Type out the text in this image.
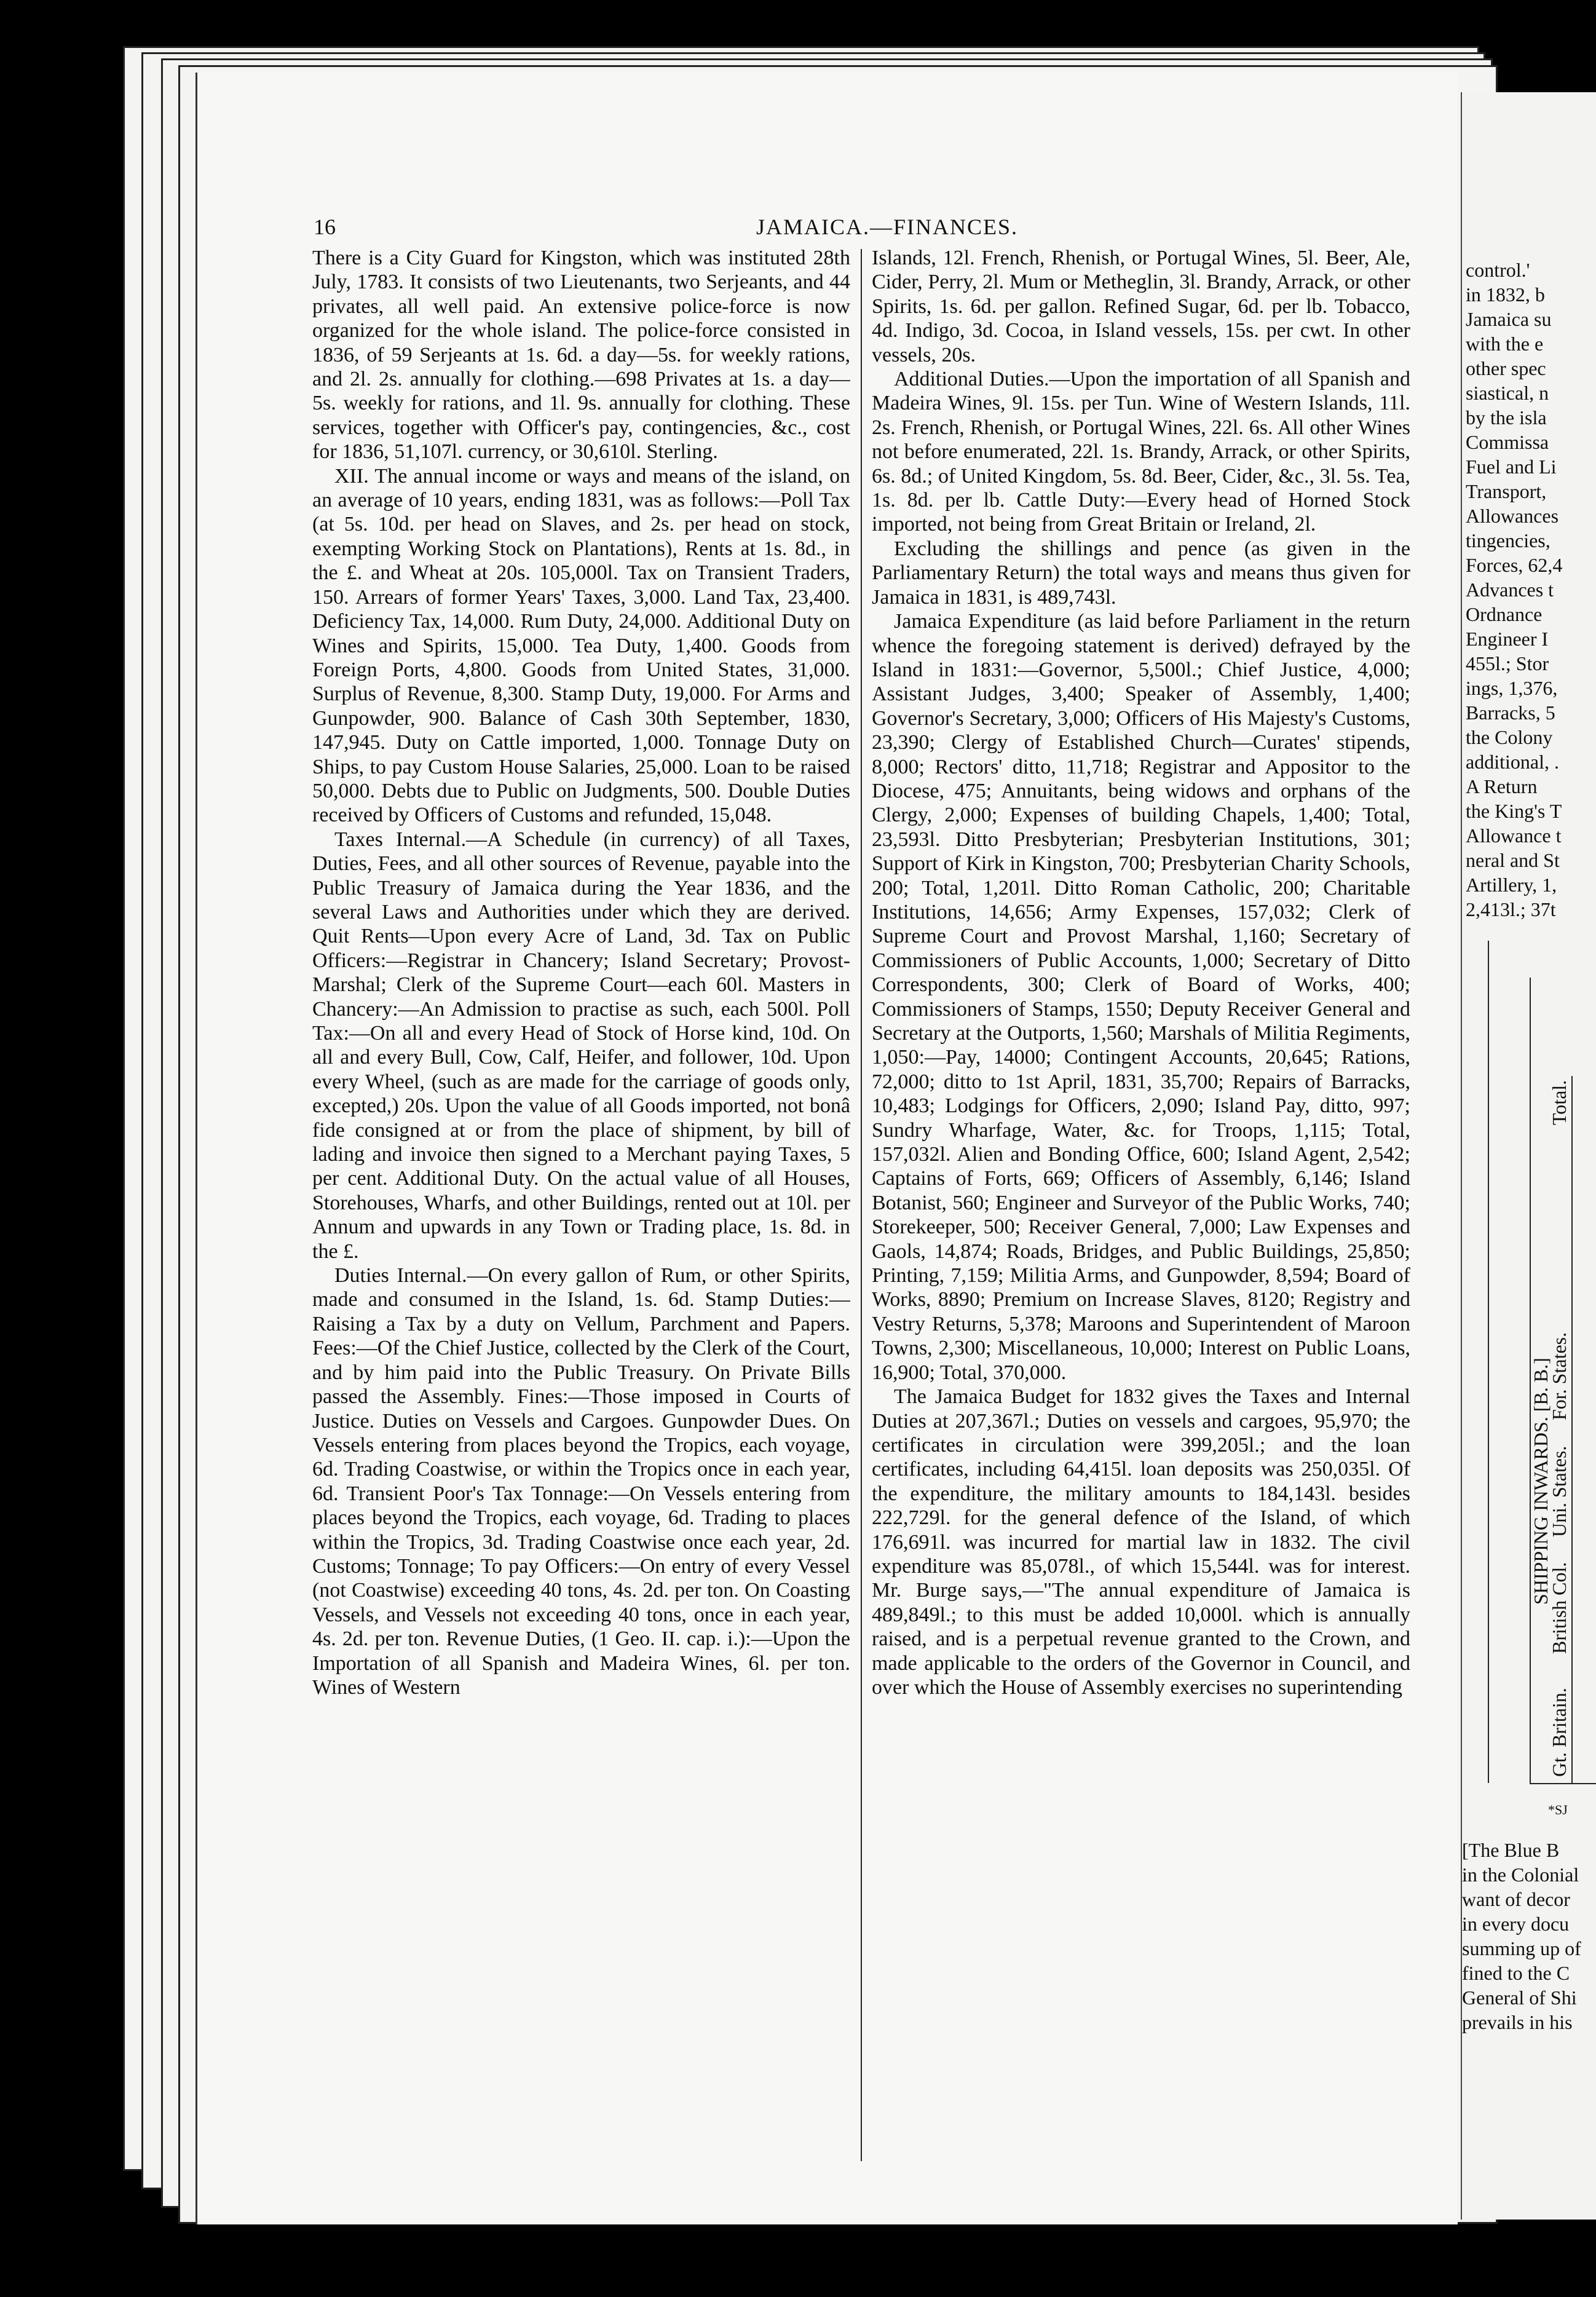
16	JAMAICA.—FINANCES.

There is a City Guard for Kingston, which was instituted 28th July, 1783. It consists of two Lieutenants, two Serjeants, and 44 privates, all well paid. An extensive police-force is now organized for the whole island. The police-force consisted in 1836, of 59 Serjeants at 1s. 6d. a day—5s. for weekly rations, and 2l. 2s. annually for clothing.—698 Privates at 1s. a day—5s. weekly for rations, and 1l. 9s. annually for clothing. These services, together with Officer's pay, contingencies, &c., cost for 1836, 51,107l. currency, or 30,610l. Sterling.

XII. The annual income or ways and means of the island, on an average of 10 years, ending 1831, was as follows:—Poll Tax (at 5s. 10d. per head on Slaves, and 2s. per head on stock, exempting Working Stock on Plantations), Rents at 1s. 8d., in the £. and Wheat at 20s. 105,000l. Tax on Transient Traders, 150. Arrears of former Years' Taxes, 3,000. Land Tax, 23,400. Deficiency Tax, 14,000. Rum Duty, 24,000. Additional Duty on Wines and Spirits, 15,000. Tea Duty, 1,400. Goods from Foreign Ports, 4,800. Goods from United States, 31,000. Surplus of Revenue, 8,300. Stamp Duty, 19,000. For Arms and Gunpowder, 900. Balance of Cash 30th September, 1830, 147,945. Duty on Cattle imported, 1,000. Tonnage Duty on Ships, to pay Custom House Salaries, 25,000. Loan to be raised 50,000. Debts due to Public on Judgments, 500. Double Duties received by Officers of Customs and refunded, 15,048.

Taxes Internal.—A Schedule (in currency) of all Taxes, Duties, Fees, and all other sources of Revenue, payable into the Public Treasury of Jamaica during the Year 1836, and the several Laws and Authorities under which they are derived. Quit Rents—Upon every Acre of Land, 3d. Tax on Public Officers:—Registrar in Chancery; Island Secretary; Provost-Marshal; Clerk of the Supreme Court—each 60l. Masters in Chancery:—An Admission to practise as such, each 500l. Poll Tax:—On all and every Head of Stock of Horse kind, 10d. On all and every Bull, Cow, Calf, Heifer, and follower, 10d. Upon every Wheel, (such as are made for the carriage of goods only, excepted,) 20s. Upon the value of all Goods imported, not bonâ fide consigned at or from the place of shipment, by bill of lading and invoice then signed to a Merchant paying Taxes, 5 per cent. Additional Duty. On the actual value of all Houses, Storehouses, Wharfs, and other Buildings, rented out at 10l. per Annum and upwards in any Town or Trading place, 1s. 8d. in the £.

Duties Internal.—On every gallon of Rum, or other Spirits, made and consumed in the Island, 1s. 6d. Stamp Duties:—Raising a Tax by a duty on Vellum, Parchment and Papers. Fees:—Of the Chief Justice, collected by the Clerk of the Court, and by him paid into the Public Treasury. On Private Bills passed the Assembly. Fines:—Those imposed in Courts of Justice. Duties on Vessels and Cargoes. Gunpowder Dues. On Vessels entering from places beyond the Tropics, each voyage, 6d. Trading Coastwise, or within the Tropics once in each year, 6d. Transient Poor's Tax Tonnage:—On Vessels entering from places beyond the Tropics, each voyage, 6d. Trading to places within the Tropics, 3d. Trading Coastwise once each year, 2d. Customs; Tonnage; To pay Officers:—On entry of every Vessel (not Coastwise) exceeding 40 tons, 4s. 2d. per ton. On Coasting Vessels, and Vessels not exceeding 40 tons, once in each year, 4s. 2d. per ton. Revenue Duties, (1 Geo. II. cap. i.):—Upon the Importation of all Spanish and Madeira Wines, 6l. per ton. Wines of Western

Islands, 12l. French, Rhenish, or Portugal Wines, 5l. Beer, Ale, Cider, Perry, 2l. Mum or Metheglin, 3l. Brandy, Arrack, or other Spirits, 1s. 6d. per gallon. Refined Sugar, 6d. per lb. Tobacco, 4d. Indigo, 3d. Cocoa, in Island vessels, 15s. per cwt. In other vessels, 20s.

Additional Duties.—Upon the importation of all Spanish and Madeira Wines, 9l. 15s. per Tun. Wine of Western Islands, 11l. 2s. French, Rhenish, or Portugal Wines, 22l. 6s. All other Wines not before enumerated, 22l. 1s. Brandy, Arrack, or other Spirits, 6s. 8d.; of United Kingdom, 5s. 8d. Beer, Cider, &c., 3l. 5s. Tea, 1s. 8d. per lb. Cattle Duty:—Every head of Horned Stock imported, not being from Great Britain or Ireland, 2l.

Excluding the shillings and pence (as given in the Parliamentary Return) the total ways and means thus given for Jamaica in 1831, is 489,743l.

Jamaica Expenditure (as laid before Parliament in the return whence the foregoing statement is derived) defrayed by the Island in 1831:—Governor, 5,500l.; Chief Justice, 4,000; Assistant Judges, 3,400; Speaker of Assembly, 1,400; Governor's Secretary, 3,000; Officers of His Majesty's Customs, 23,390; Clergy of Established Church—Curates' stipends, 8,000; Rectors' ditto, 11,718; Registrar and Appositor to the Diocese, 475; Annuitants, being widows and orphans of the Clergy, 2,000; Expenses of building Chapels, 1,400; Total, 23,593l. Ditto Presbyterian; Presbyterian Institutions, 301; Support of Kirk in Kingston, 700; Presbyterian Charity Schools, 200; Total, 1,201l. Ditto Roman Catholic, 200; Charitable Institutions, 14,656; Army Expenses, 157,032; Clerk of Supreme Court and Provost Marshal, 1,160; Secretary of Commissioners of Public Accounts, 1,000; Secretary of Ditto Correspondents, 300; Clerk of Board of Works, 400; Commissioners of Stamps, 1550; Deputy Receiver General and Secretary at the Outports, 1,560; Marshals of Militia Regiments, 1,050:—Pay, 14000; Contingent Accounts, 20,645; Rations, 72,000; ditto to 1st April, 1831, 35,700; Repairs of Barracks, 10,483; Lodgings for Officers, 2,090; Island Pay, ditto, 997; Sundry Wharfage, Water, &c. for Troops, 1,115; Total, 157,032l. Alien and Bonding Office, 600; Island Agent, 2,542; Captains of Forts, 669; Officers of Assembly, 6,146; Island Botanist, 560; Engineer and Surveyor of the Public Works, 740; Storekeeper, 500; Receiver General, 7,000; Law Expenses and Gaols, 14,874; Roads, Bridges, and Public Buildings, 25,850; Printing, 7,159; Militia Arms, and Gunpowder, 8,594; Board of Works, 8890; Premium on Increase Slaves, 8120; Registry and Vestry Returns, 5,378; Maroons and Superintendent of Maroon Towns, 2,300; Miscellaneous, 10,000; Interest on Public Loans, 16,900; Total, 370,000.

The Jamaica Budget for 1832 gives the Taxes and Internal Duties at 207,367l.; Duties on vessels and cargoes, 95,970; the certificates in circulation were 399,205l.; and the loan certificates, including 64,415l. loan deposits was 250,035l. Of the expenditure, the military amounts to 184,143l. besides 222,729l. for the general defence of the Island, of which 176,691l. was incurred for martial law in 1832. The civil expenditure was 85,078l., of which 15,544l. was for interest. Mr. Burge says,—"The annual expenditure of Jamaica is 489,849l.; to this must be added 10,000l. which is annually raised, and is a perpetual revenue granted to the Crown, and made applicable to the orders of the Governor in Council, and over which the House of Assembly exercises no superintending

control.'
in 1832, b
Jamaica su
with the e
other spec
siastical, n
by the isla
Commissa
Fuel and Li
Transport,
Allowances
tingencies,
Forces, 62,4
Advances t
Ordnance
Engineer I
455l.; Stor
ings, 1,376,
Barracks, 5
the Colony
additional, .
A Return
the King's T
Allowance t
neral and St
Artillery, 1,
2,413l.; 37t
SHIPPING INWARDS. [B. B.]
Gt. Britain.
British Col.
Uni. States.
For. States.
Total.
*SJ
[The Blue B
in the Colonial
want of decor
in every docu
summing up of
fined to the C
General of Shi
prevails in his
